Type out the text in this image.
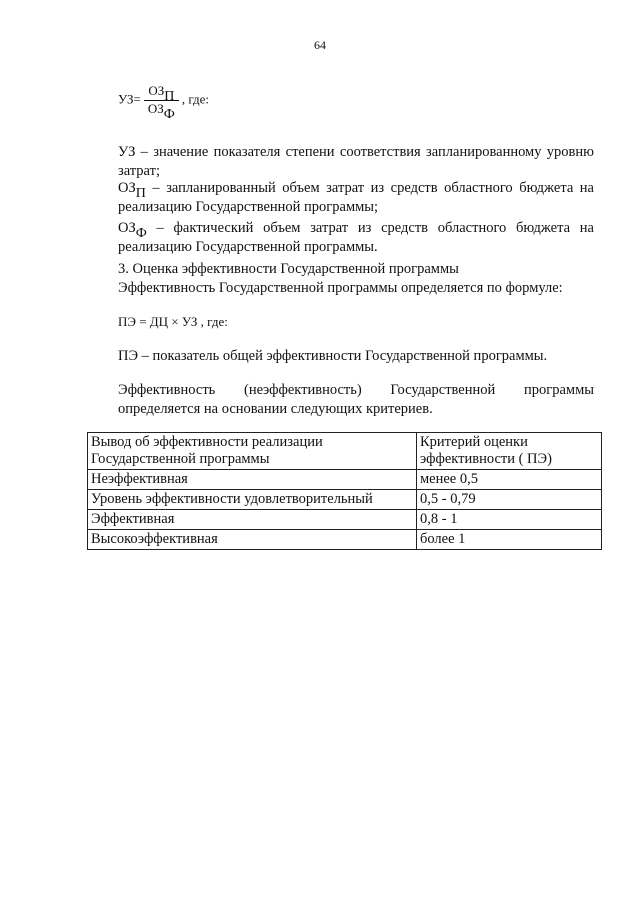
64
$УЗ= \frac{\text{ОЗП}}{\text{ОЗФ}}$ , где:
УЗ – значение показателя степени соответствия запланированному уровню затрат;
ОЗП – запланированный объем затрат из средств областного бюджета на реализацию Государственной программы;
ОЗФ – фактический объем затрат из средств областного бюджета на реализацию Государственной программы.
3. Оценка эффективности Государственной программы
Эффективность Государственной программы определяется по формуле:
ПЭ = ДЦ × УЗ , где:
ПЭ – показатель общей эффективности Государственной программы.
Эффективность (неэффективность) Государственной программы определяется на основании следующих критериев.
Вывод об эффективности реализации Государственной программы	Критерий оценки эффективности ( ПЭ)
Неэффективная	менее 0,5
Уровень эффективности удовлетворительный	0,5 - 0,79
Эффективная	0,8 - 1
Высокоэффективная	более 1
